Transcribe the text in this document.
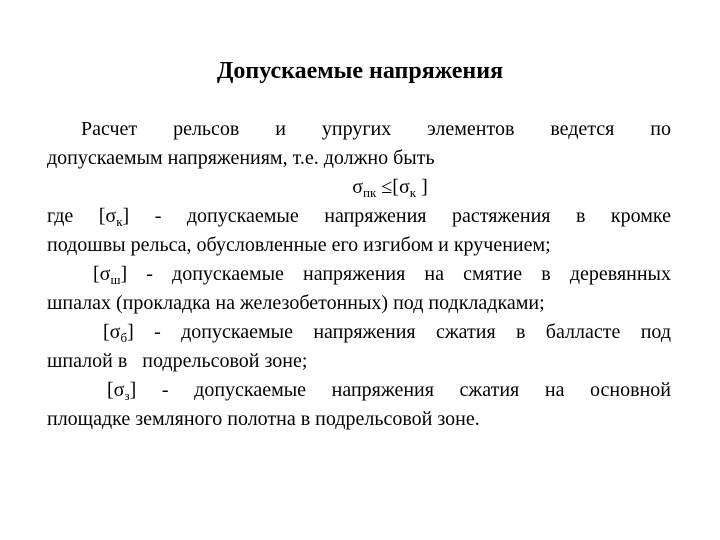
Допускаемые напряжения
Расчет рельсов и упругих элементов ведется по
допускаемым напряжениям, т.е. должно быть
$\sigma_{пк} \le[\sigma_к$ ]
где $[\sigma_к]$ - допускаемые напряжения растяжения в кромке
подошвы рельса, обусловленные его изгибом и кручением;
$[\sigma_ш]$ - допускаемые напряжения на смятие в деревянных
шпалах (прокладка на железобетонных) под подкладками;
$[\sigma_б]$ - допускаемые напряжения сжатия в балласте под
шпалой в   подрельсовой зоне;
$[\sigma_з]$ - допускаемые напряжения сжатия на основной
площадке земляного полотна в подрельсовой зоне.
